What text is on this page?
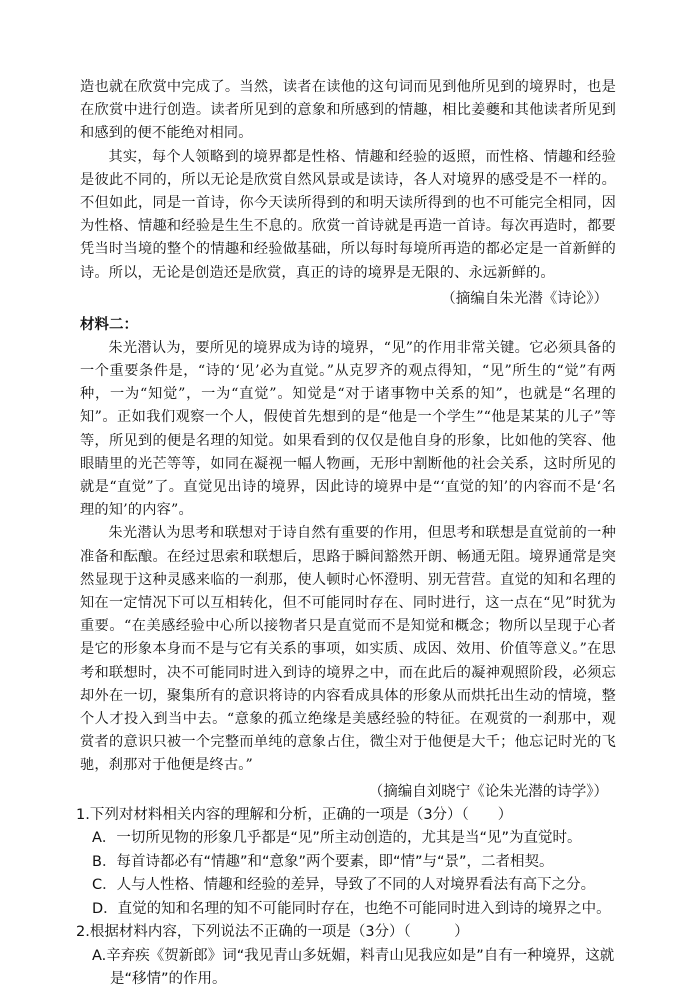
造也就在欣赏中完成了。当然，读者在读他的这句词而见到他所见到的境界时，也是在欣赏中进行创造。读者所见到的意象和所感到的情趣，相比姜夔和其他读者所见到和感到的便不能绝对相同。

其实，每个人领略到的境界都是性格、情趣和经验的返照，而性格、情趣和经验是彼此不同的，所以无论是欣赏自然风景或是读诗，各人对境界的感受是不一样的。不但如此，同是一首诗，你今天读所得到的和明天读所得到的也不可能完全相同，因为性格、情趣和经验是生生不息的。欣赏一首诗就是再造一首诗。每次再造时，都要凭当时当境的整个的情趣和经验做基础，所以每时每境所再造的都必定是一首新鲜的诗。所以，无论是创造还是欣赏，真正的诗的境界是无限的、永远新鲜的。

（摘编自朱光潜《诗论》）

材料二：

朱光潜认为，要所见的境界成为诗的境界，“见”的作用非常关键。它必须具备的一个重要条件是，“诗的‘见’必为直觉。”从克罗齐的观点得知，“见”所生的“觉”有两种，一为“知觉”，一为“直觉”。知觉是“对于诸事物中关系的知”，也就是“名理的知”。正如我们观察一个人，假使首先想到的是“他是一个学生”“他是某某的儿子”等等，所见到的便是名理的知觉。如果看到的仅仅是他自身的形象，比如他的笑容、他眼睛里的光芒等等，如同在凝视一幅人物画，无形中割断他的社会关系，这时所见的就是“直觉”了。直觉见出诗的境界，因此诗的境界中是“‘直觉的知’的内容而不是‘名理的知’的内容”。

朱光潜认为思考和联想对于诗自然有重要的作用，但思考和联想是直觉前的一种准备和酝酿。在经过思索和联想后，思路于瞬间豁然开朗、畅通无阻。境界通常是突然显现于这种灵感来临的一刹那，使人顿时心怀澄明、别无营营。直觉的知和名理的知在一定情况下可以互相转化，但不可能同时存在、同时进行，这一点在“见”时犹为重要。“在美感经验中心所以接物者只是直觉而不是知觉和概念；物所以呈现于心者是它的形象本身而不是与它有关系的事项，如实质、成因、效用、价值等意义。”在思考和联想时，决不可能同时进入到诗的境界之中，而在此后的凝神观照阶段，必须忘却外在一切，聚集所有的意识将诗的内容看成具体的形象从而烘托出生动的情境，整个人才投入到当中去。“意象的孤立绝缘是美感经验的特征。在观赏的一刹那中，观赏者的意识只被一个完整而单纯的意象占住，微尘对于他便是大千；他忘记时光的飞驰，刹那对于他便是终古。”

（摘编自刘晓宁《论朱光潜的诗学》）

1.下列对材料相关内容的理解和分析，正确的一项是（3分）（　　）

A．一切所见物的形象几乎都是“见”所主动创造的，尤其是当“见”为直觉时。

B．每首诗都必有“情趣”和“意象”两个要素，即“情”与“景”，二者相契。

C．人与人性格、情趣和经验的差异，导致了不同的人对境界看法有高下之分。

D．直觉的知和名理的知不可能同时存在，也绝不可能同时进入到诗的境界之中。

2.根据材料内容，下列说法不正确的一项是（3分）（　　　）

A.辛弃疾《贺新郎》词“我见青山多妩媚，料青山见我应如是”自有一种境界，这就

是“移情”的作用。
